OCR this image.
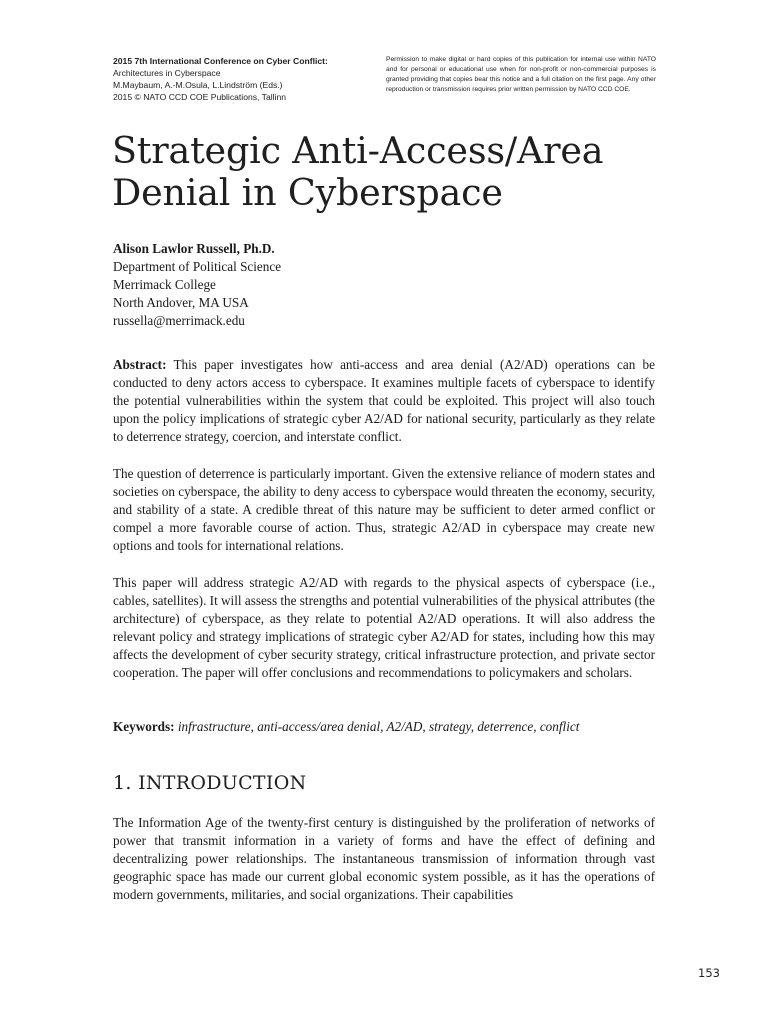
2015 7th International Conference on Cyber Conflict:
Architectures in Cyberspace
M.Maybaum, A.-M.Osula, L.Lindström (Eds.)
2015 © NATO CCD COE Publications, Tallinn
Permission to make digital or hard copies of this publication for internal use within NATO and for personal or educational use when for non-profit or non-commercial purposes is granted providing that copies bear this notice and a full citation on the first page. Any other reproduction or transmission requires prior written permission by NATO CCD COE.
Strategic Anti-Access/Area
Denial in Cyberspace
Alison Lawlor Russell, Ph.D.
Department of Political Science
Merrimack College
North Andover, MA USA
russella@merrimack.edu

Abstract: This paper investigates how anti-access and area denial (A2/AD) operations can be conducted to deny actors access to cyberspace. It examines multiple facets of cyberspace to identify the potential vulnerabilities within the system that could be exploited. This project will also touch upon the policy implications of strategic cyber A2/AD for national security, particularly as they relate to deterrence strategy, coercion, and interstate conflict.

The question of deterrence is particularly important. Given the extensive reliance of modern states and societies on cyberspace, the ability to deny access to cyberspace would threaten the economy, security, and stability of a state. A credible threat of this nature may be sufficient to deter armed conflict or compel a more favorable course of action. Thus, strategic A2/AD in cyberspace may create new options and tools for international relations.

This paper will address strategic A2/AD with regards to the physical aspects of cyberspace (i.e., cables, satellites). It will assess the strengths and potential vulnerabilities of the physical attributes (the architecture) of cyberspace, as they relate to potential A2/AD operations. It will also address the relevant policy and strategy implications of strategic cyber A2/AD for states, including how this may affects the development of cyber security strategy, critical infrastructure protection, and private sector cooperation. The paper will offer conclusions and recommendations to policymakers and scholars.

Keywords: infrastructure, anti-access/area denial, A2/AD, strategy, deterrence, conflict

1. INTRODUCTION

The Information Age of the twenty-first century is distinguished by the proliferation of networks of power that transmit information in a variety of forms and have the effect of defining and decentralizing power relationships. The instantaneous transmission of information through vast geographic space has made our current global economic system possible, as it has the operations of modern governments, militaries, and social organizations. Their capabilities

153
